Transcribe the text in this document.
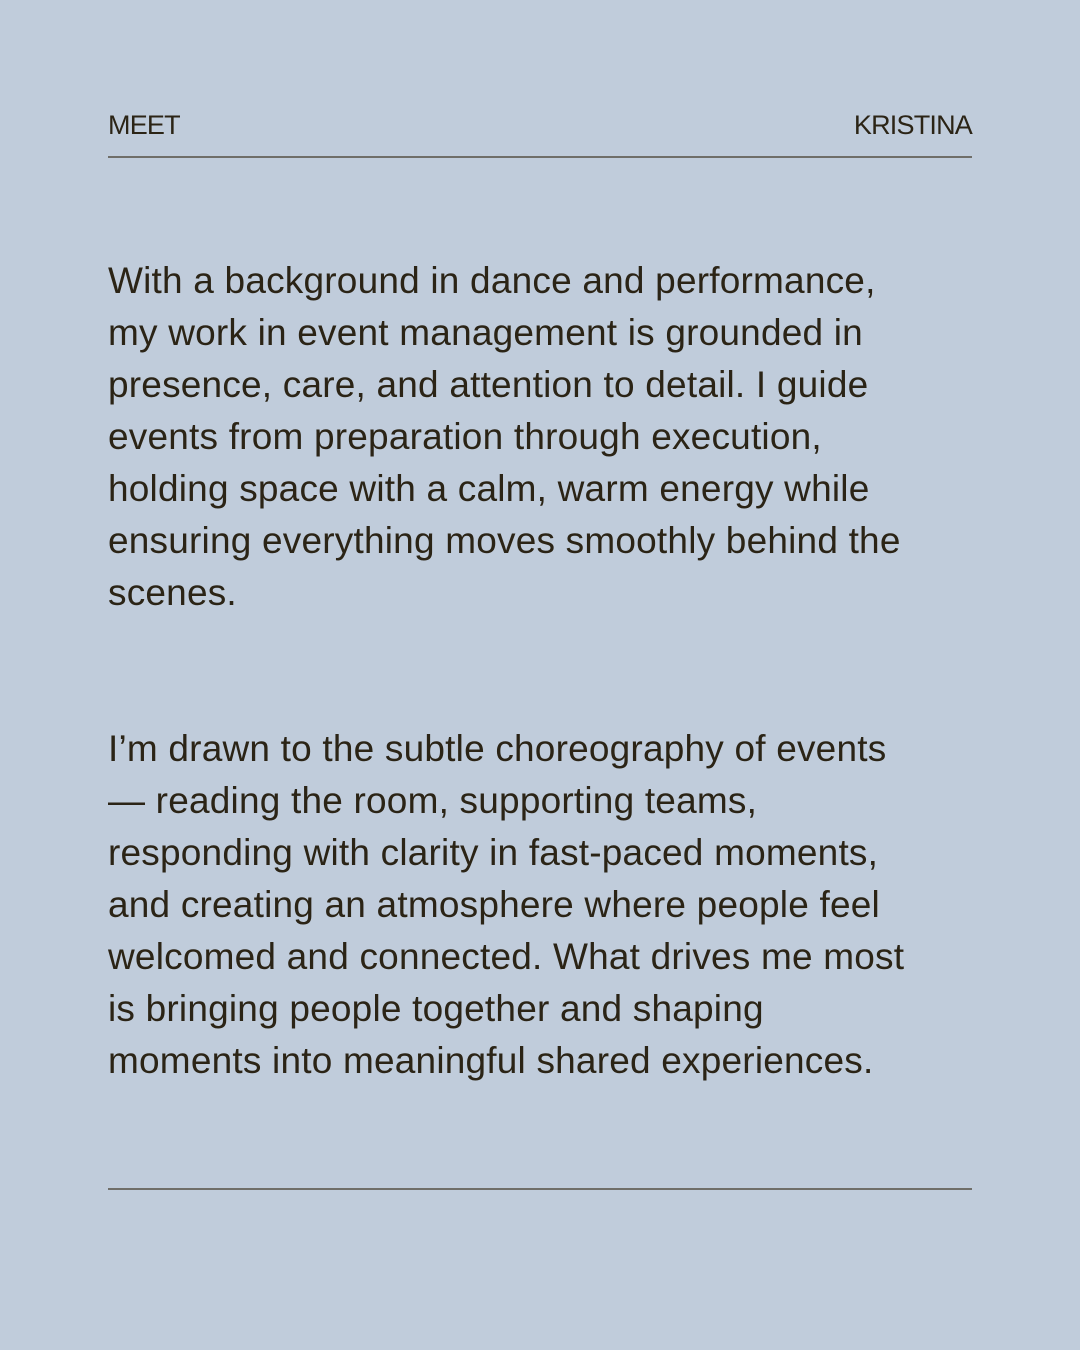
MEET	KRISTINA

With a background in dance and performance,
my work in event management is grounded in
presence, care, and attention to detail. I guide
events from preparation through execution,
holding space with a calm, warm energy while
ensuring everything moves smoothly behind the
scenes.

I’m drawn to the subtle choreography of events
— reading the room, supporting teams,
responding with clarity in fast-paced moments,
and creating an atmosphere where people feel
welcomed and connected. What drives me most
is bringing people together and shaping
moments into meaningful shared experiences.
